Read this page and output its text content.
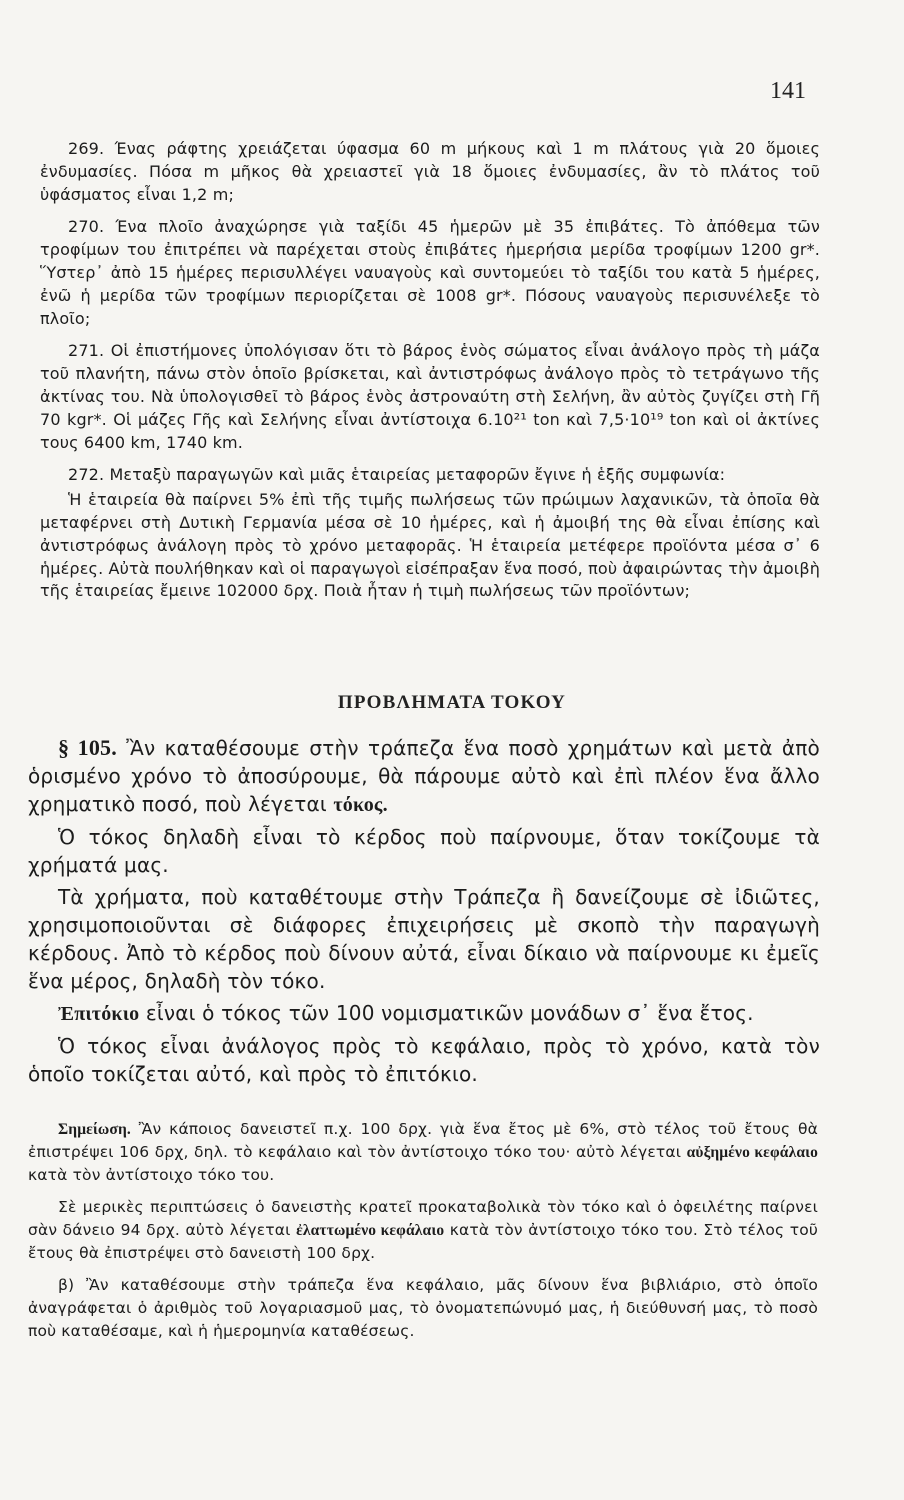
141

269. Ένας ράφτης χρειάζεται ύφασμα 60 m μήκους καὶ 1 m πλάτους γιὰ 20 ὅμοιες ἐνδυμασίες. Πόσα m μῆκος θὰ χρειαστεῖ γιὰ 18 ὅμοιες ἐνδυμασίες, ἂν τὸ πλάτος τοῦ ὑφάσματος εἶναι 1,2 m;

270. Ένα πλοῖο ἀναχώρησε γιὰ ταξίδι 45 ἡμερῶν μὲ 35 ἐπιβάτες. Τὸ ἀπόθεμα τῶν τροφίμων του ἐπιτρέπει νὰ παρέχεται στοὺς ἐπιβάτες ἡμερήσια μερίδα τροφίμων 1200 gr*. Ὕστερ᾽ ἀπὸ 15 ἡμέρες περισυλλέγει ναυαγοὺς καὶ συντομεύει τὸ ταξίδι του κατὰ 5 ἡμέρες, ἐνῶ ἡ μερίδα τῶν τροφίμων περιορίζεται σὲ 1008 gr*. Πόσους ναυαγοὺς περισυνέλεξε τὸ πλοῖο;

271. Οἱ ἐπιστήμονες ὑπολόγισαν ὅτι τὸ βάρος ἑνὸς σώματος εἶναι ἀνάλογο πρὸς τὴ μάζα τοῦ πλανήτη, πάνω στὸν ὁποῖο βρίσκεται, καὶ ἀντιστρόφως ἀνάλογο πρὸς τὸ τετράγωνο τῆς ἀκτίνας του. Νὰ ὑπολογισθεῖ τὸ βάρος ἑνὸς ἀστροναύτη στὴ Σελήνη, ἂν αὐτὸς ζυγίζει στὴ Γῆ 70 kgr*. Οἱ μάζες Γῆς καὶ Σελήνης εἶναι ἀντίστοιχα 6.10²¹ ton καὶ 7,5·10¹⁹ ton καὶ οἱ ἀκτίνες τους 6400 km, 1740 km.

272. Μεταξὺ παραγωγῶν καὶ μιᾶς ἑταιρείας μεταφορῶν ἔγινε ἡ ἑξῆς συμφωνία:

Ἡ ἑταιρεία θὰ παίρνει 5% ἐπὶ τῆς τιμῆς πωλήσεως τῶν πρώιμων λαχανικῶν, τὰ ὁποῖα θὰ μεταφέρνει στὴ Δυτικὴ Γερμανία μέσα σὲ 10 ἡμέρες, καὶ ἡ ἀμοιβή της θὰ εἶναι ἐπίσης καὶ ἀντιστρόφως ἀνάλογη πρὸς τὸ χρόνο μεταφορᾶς. Ἡ ἑταιρεία μετέφερε προϊόντα μέσα σ᾽ 6 ἡμέρες. Αὐτὰ πουλήθηκαν καὶ οἱ παραγωγοὶ εἰσέπραξαν ἕνα ποσό, ποὺ ἀφαιρώντας τὴν ἀμοιβὴ τῆς ἑταιρείας ἔμεινε 102000 δρχ. Ποιὰ ἦταν ἡ τιμὴ πωλήσεως τῶν προϊόντων;

ΠΡΟΒΛΗΜΑΤΑ ΤΟΚΟΥ

§ 105. Ἂν καταθέσουμε στὴν τράπεζα ἕνα ποσὸ χρημάτων καὶ μετὰ ἀπὸ ὁρισμένο χρόνο τὸ ἀποσύρουμε, θὰ πάρουμε αὐτὸ καὶ ἐπὶ πλέον ἕνα ἄλλο χρηματικὸ ποσό, ποὺ λέγεται τόκος.

Ὁ τόκος δηλαδὴ εἶναι τὸ κέρδος ποὺ παίρνουμε, ὅταν τοκίζουμε τὰ χρήματά μας.

Τὰ χρήματα, ποὺ καταθέτουμε στὴν Τράπεζα ἢ δανείζουμε σὲ ἰδιῶτες, χρησιμοποιοῦνται σὲ διάφορες ἐπιχειρήσεις μὲ σκοπὸ τὴν παραγωγὴ κέρδους. Ἀπὸ τὸ κέρδος ποὺ δίνουν αὐτά, εἶναι δίκαιο νὰ παίρνουμε κι ἐμεῖς ἕνα μέρος, δηλαδὴ τὸν τόκο.

Ἐπιτόκιο εἶναι ὁ τόκος τῶν 100 νομισματικῶν μονάδων σ᾽ ἕνα ἔτος.

Ὁ τόκος εἶναι ἀνάλογος πρὸς τὸ κεφάλαιο, πρὸς τὸ χρόνο, κατὰ τὸν ὁποῖο τοκίζεται αὐτό, καὶ πρὸς τὸ ἐπιτόκιο.

Σημείωση. Ἂν κάποιος δανειστεῖ π.χ. 100 δρχ. γιὰ ἕνα ἔτος μὲ 6%, στὸ τέλος τοῦ ἔτους θὰ ἐπιστρέψει 106 δρχ, δηλ. τὸ κεφάλαιο καὶ τὸν ἀντίστοιχο τόκο του· αὐτὸ λέγεται αὐξημένο κεφάλαιο κατὰ τὸν ἀντίστοιχο τόκο του.

Σὲ μερικὲς περιπτώσεις ὁ δανειστὴς κρατεῖ προκαταβολικὰ τὸν τόκο καὶ ὁ ὀφειλέτης παίρνει σὰν δάνειο 94 δρχ. αὐτὸ λέγεται ἐλαττωμένο κεφάλαιο κατὰ τὸν ἀντίστοιχο τόκο του. Στὸ τέλος τοῦ ἔτους θὰ ἐπιστρέψει στὸ δανειστὴ 100 δρχ.

β) Ἂν καταθέσουμε στὴν τράπεζα ἕνα κεφάλαιο, μᾶς δίνουν ἕνα βιβλιάριο, στὸ ὁποῖο ἀναγράφεται ὁ ἀριθμὸς τοῦ λογαριασμοῦ μας, τὸ ὀνοματεπώνυμό μας, ἡ διεύθυνσή μας, τὸ ποσὸ ποὺ καταθέσαμε, καὶ ἡ ἡμερομηνία καταθέσεως.
